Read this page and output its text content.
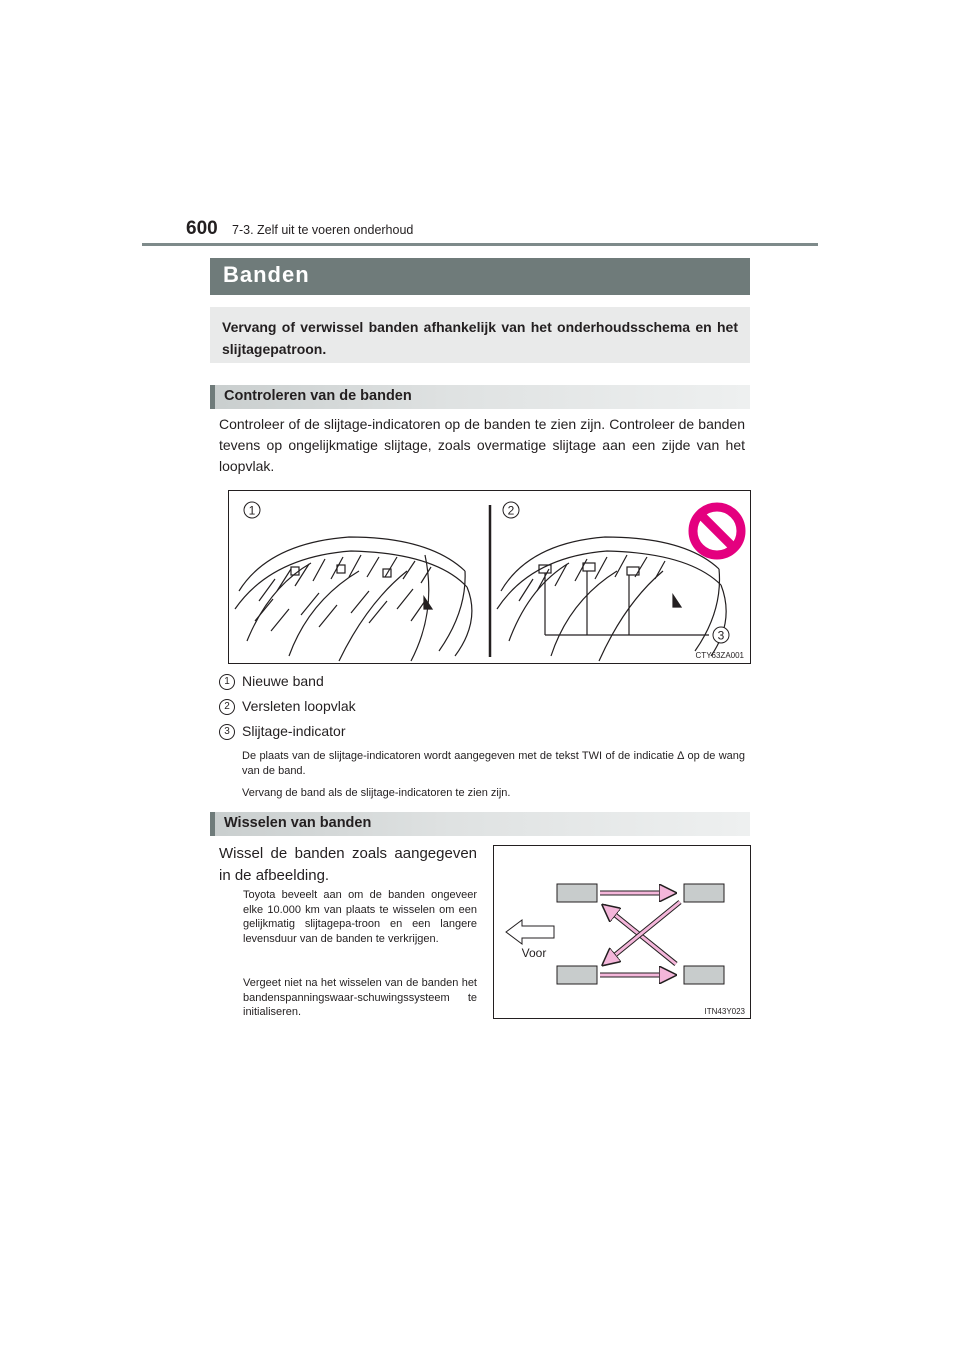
600 7-3. Zelf uit te voeren onderhoud
Banden

Vervang of verwissel banden afhankelijk van het onderhoudsschema en het slijtagepatroon.

Controleren van de banden

Controleer of de slijtage-indicatoren op de banden te zien zijn. Controleer de banden tevens op ongelijkmatige slijtage, zoals overmatige slijtage aan een zijde van het loopvlak.

1	2
3
CTY63ZA001
1 Nieuwe band
2 Versleten loopvlak
3 Slijtage-indicator

De plaats van de slijtage-indicatoren wordt aangegeven met de tekst TWI of de indicatie ∆ op de wang van de band.

Vervang de band als de slijtage-indicatoren te zien zijn.

Wisselen van banden

Wissel de banden zoals aangegeven in de afbeelding.

Toyota beveelt aan om de banden ongeveer elke 10.000 km van plaats te wisselen om een gelijkmatig slijtagepa-troon en een langere levensduur van de banden te verkrijgen.

Vergeet niet na het wisselen van de banden het bandenspanningswaar-schuwingssysteem te initialiseren.

Voor
ITN43Y023
